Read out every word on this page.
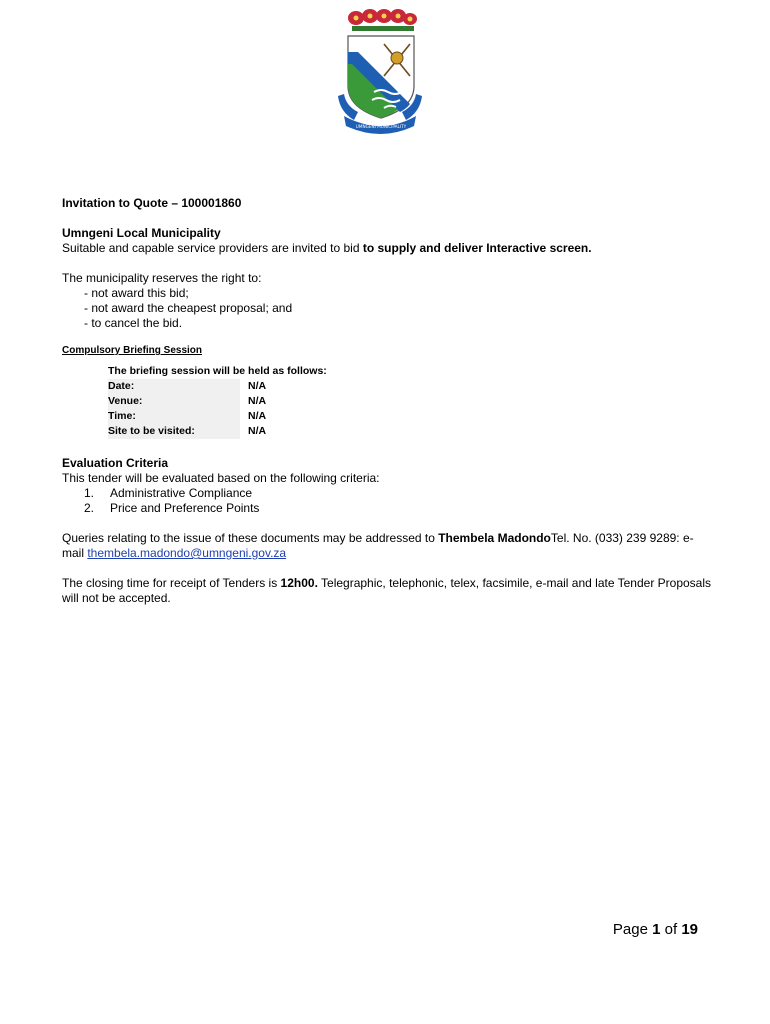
UMNGENI MUNICIPALITY
Invitation to Quote – 100001860
Umngeni Local Municipality
Suitable and capable service providers are invited to bid to supply and deliver Interactive screen.
The municipality reserves the right to:
- not award this bid;
- not award the cheapest proposal; and
- to cancel the bid.
Compulsory Briefing Session
The briefing session will be held as follows:
Date:	N/A
Venue:	N/A
Time:	N/A
Site to be visited:	N/A
Evaluation Criteria
This tender will be evaluated based on the following criteria:
1.	Administrative Compliance
2.	Price and Preference Points
Queries relating to the issue of these documents may be addressed to Thembela MadondoTel. No. (033) 239 9289: e-
mail thembela.madondo@umngeni.gov.za
The closing time for receipt of Tenders is 12h00. Telegraphic, telephonic, telex, facsimile, e-mail and late Tender Proposals
will not be accepted.
Page 1 of 19
